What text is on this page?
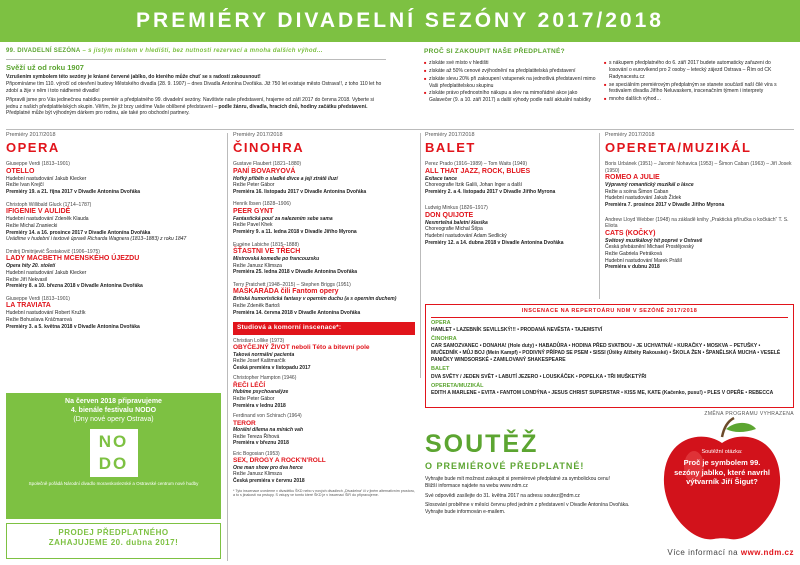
PREMIÉRY DIVADELNÍ SEZÓNY 2017/2018
99. DIVADELNÍ SEZÓNA – s jistým místem v hledišti, bez nutnosti rezervací a mnoha dalších výhod…
Svěží už od roku 1907
Vzrušením symbolem této sezóny je krásné červené jablko, do kterého může chuť se s radostí zakousnout!
Připomínáme tím 110. výročí od otevření budovy Městského divadla (28. 9. 1907) – dnes Divadla Antonína Dvořáka. Již 750 let existuje město Ostrava!!, z toho 110 let ho zdobí a žije v něm i toto nádherné divadlo!
Připravili jsme pro Vás jedinečnou nabídku premiér a předplatného 99. divadelní sezóny. Navštivte naše představení, hrajeme od září 2017 do června 2018. Vyberte si jednu z našich předplatitelských skupin. Věřím, že již brzy uvidíme Vaše oblíbené představení – podle žánru, divadla, hracích dnů, hodiny začátku představení. Předplatné může být výhodným dárkem pro rodinu, ale také pro obchodní partnery.
PROČ SI ZAKOUPIT NAŠE PŘEDPLATNÉ?
■ získáte své místo v hledišti
■ získáte až 50% cenové zvýhodnění na předplatitelská představení
■ získáte slevu 20% při zakoupení vstupenek na jednotlivá představení mimo Vaši předplatitelskou skupinu
■ získáte právo přednostního nákupu a slev na mimořádné akce jako Galavečer (9. a 10. září 2017) a další výhody podle naší aktuální nabídky
■ s nákupem předplatného do 6. září 2017 budete automaticky zařazeni do losování o eurovíkend pro 2 osoby – letecký zájezd Ostrava – Řím od CK Radynacestu.cz
■ se speciálním premiérovým předplatným se stanete součástí naší čilé víra s festivalem divadla Jiřího Neluvaskem, inscenačním týmem i interprety
■ mnoho dalších výhod…
Premiéry 2017/2018
OPERA
Giuseppe Verdi (1813–1901)
OTELLO
Hudební nastudování Jakub Klecker
Režie Ivan Krejčí
Premiéry 19. a 21. října 2017 v Divadle Antonína Dvořáka
Christoph Willibald Gluck (1714–1787)
IFIGENIE V AULIDĚ
Hudební nastudování Zdeněk Klauda
Režie Michal Znaniecki
Premiéry 14. a 16. prosince 2017 v Divadle Antonína Dvořáka
Uvádíme v hudební i textové úpravě Richarda Wagnera (1813–1883) z roku 1847
Dmitrij Dmitrijevič Šostakovič (1906–1975)
LADY MACBETH MCENSKÉHO ÚJEZDU
Opera hity 20. století
Hudební nastudování Jakub Klecker
Režie Jiří Nekvasil
Premiéry 8. a 10. března 2018 v Divadle Antonína Dvořáka
Giuseppe Verdi (1813–1901)
LA TRAVIATA
Hudební nastudování Robert Kružík
Režie Bohuslava Kráčmarová
Premiéry 3. a 5. května 2018 v Divadle Antonína Dvořáka
Na červen 2018 připravujeme
4. bienále festivalu NODO
(Dny nové opery Ostrava)
NO DO
Společně pořádá Národní divadlo moravskoslezské a Ostravské centrum nové hudby
PRODEJ PŘEDPLATNÉHO
ZAHAJUJEME 20. dubna 2017!
Premiéry 2017/2018
ČINOHRA
Gustave Flaubert (1821–1880)
PANÍ BOVARYOVÁ
Hořký příběh o sladké dívce a její ztrátě iluzí
Režie Peter Gábor
Premiéra 16. listopadu 2017 v Divadle Antonína Dvořáka
Henrik Ibsen (1828–1906)
PEER GYNT
Fantastická pouť za nalezením sebe sama
Režie Pavel Khek
Premiéry 9. a 11. ledna 2018 v Divadle Jiřího Myrona
Eugène Labiche (1815–1888)
ŠŤASTNI VE TŘECH
Mistrovská komedie po francouzsku
Režie Janusz Klimsza
Premiéra 25. ledna 2018 v Divadle Antonína Dvořáka
Terry Pratchett (1948–2015) – Stephen Briggs (1951)
MAŠKARÁDA čili Fantom opery
Britská humoristická fantasy v operním duchu (a s operním duchem)
Režie Zdeněk Bartoš
Premiéra 14. června 2018 v Divadle Antonína Dvořáka
Studiová a komorní inscenace*:
Christian Lollike (1973)
OBYČEJNÝ ŽIVOT neboli Této a bitevní pole
Taková normální pacienta
Režie Josef Kaštmarčík
Česká premiéra v listopadu 2017
Christopher Hampton (1946)
ŘEČI LÉČÍ
Hubíme psychoanalýze
Režie Peter Gábor
Premiéra v lednu 2018
Ferdinand von Schirach (1964)
TEROR
Morální dilema na mírách vah
Režie Tereza Říhová
Premiéra v březnu 2018
Eric Bogosian (1953)
SEX, DROGY A ROCK'N'ROLL
One man show pro dva herce
Režie Janusz Klimsza
Česká premiéra v červnu 2018
* Tyto inscenace uvedeme v divadélku ŠKD nebo v nových divadlech „Divadelna“ či v jiném alternativním prostoru, a to s jinakostí na prstupy. S vstupy ve tomto které ŠKD je v inscenaci ŠIR do připravujeme.
Premiéry 2017/2018
BALET
Perez Prado (1916–1989) – Tom Waits (1949)
ALL THAT JAZZ, ROCK, BLUES
Exitace tance
Choreografie Itzik Galili, Johan Inger a další
Premiéry 2. a 4. listopadu 2017 v Divadle Jiřího Myrona
Ludwig Minkus (1826–1917)
DON QUIJOTE
Nesmrtelná baletní klasika
Choreografie Michal Štípa
Hudební nastudování Adam Sedlický
Premiéry 12. a 14. dubna 2018 v Divadle Antonína Dvořáka
Premiéry 2017/2018
OPERETA/MUZIKÁL
Boris Urbánek (1951) – Jaromír Nohavica (1953) – Šimon Caban (1963) – Jiří Josek (1950)
ROMEO A JULIE
Výpravný romantický muzikál o lásce
Režie a scéna Šimon Caban
Hudební nastudování Jakub Žídek
Premiéra 7. prosince 2017 v Divadle Jiřího Myrona
Andrew Lloyd Webber (1948) na základě knihy „Praktická příručka o kočkách“ T. S. Eliota
CATS (KOČKY)
Světový muzikálový hit poprvé v Ostravě
Česká přebásnění Michael Prostějovský
Režie Gabriela Petráková
Hudební nastudování Marek Prášil
Premiéra v dubnu 2018
INSCENACE NA REPERTOÁRU NDM V SEZÓNĚ 2017/2018
OPERA
HAMLET • LAZEBNÍK SEVILLSKÝ!!! • PRODANÁ NEVĚSTA • TAJEMSTVÍ
ČINOHRA
CAR SAMOZVANEC • DONAHA! (Hole duty) • HABADŮRA • HODINA PŘED SVATBOU • JE UCHVATNÁ! • KURAČKY • MOSKVA – PETUŠKY • MUČEDNÍK • MŮJ BOJ (Mein Kampf) • PODIVNÝ PŘÍPAD SE PSEM • SISSI (Útěky Alžběty Rakouské) • ŠKOLA ŽEN • ŠPANĚLSKÁ MUCHA • VESELÉ PANIČKY WINDSORSKÉ • ZAMILOVANÝ SHAKESPEARE
BALET
DVA SVĚTY / JEDEN SVĚT • LABUTÍ JEZERO • LOUSKÁČEK • POPELKA • TŘI MUŠKETÝŘI
OPERETA/MUZIKÁL
EDITH A MARLENE • EVITA • FANTOM LONDÝNA • JESUS CHRIST SUPERSTAR • KISS ME, KATE (Kačenko, pusu!) • PLES V OPEŘE • REBECCA
ZMĚNA PROGRAMU VYHRAZENA
SOUTĚŽ
O PREMIÉROVÉ PŘEDPLATNÉ!
Vyhrajte bude mít možnost zakoupit si premiérové předplatné za symbolickou cenu!
Bližší informace najdete na webu www.ndm.cz
Své odpovědi zasílejte do 31. května 2017 na adresu soutez@ndm.cz
Slosování proběhne v měsíci červnu před jedním z představení v Divadle Antonína Dvořáka. Vyhrajte bude informován e-mailem.
Soutěžní otázka:
Proč je symbolem 99. sezóny jablko, které navrhl výtvarník Jiří Šigut?
Více informací na www.ndm.cz
